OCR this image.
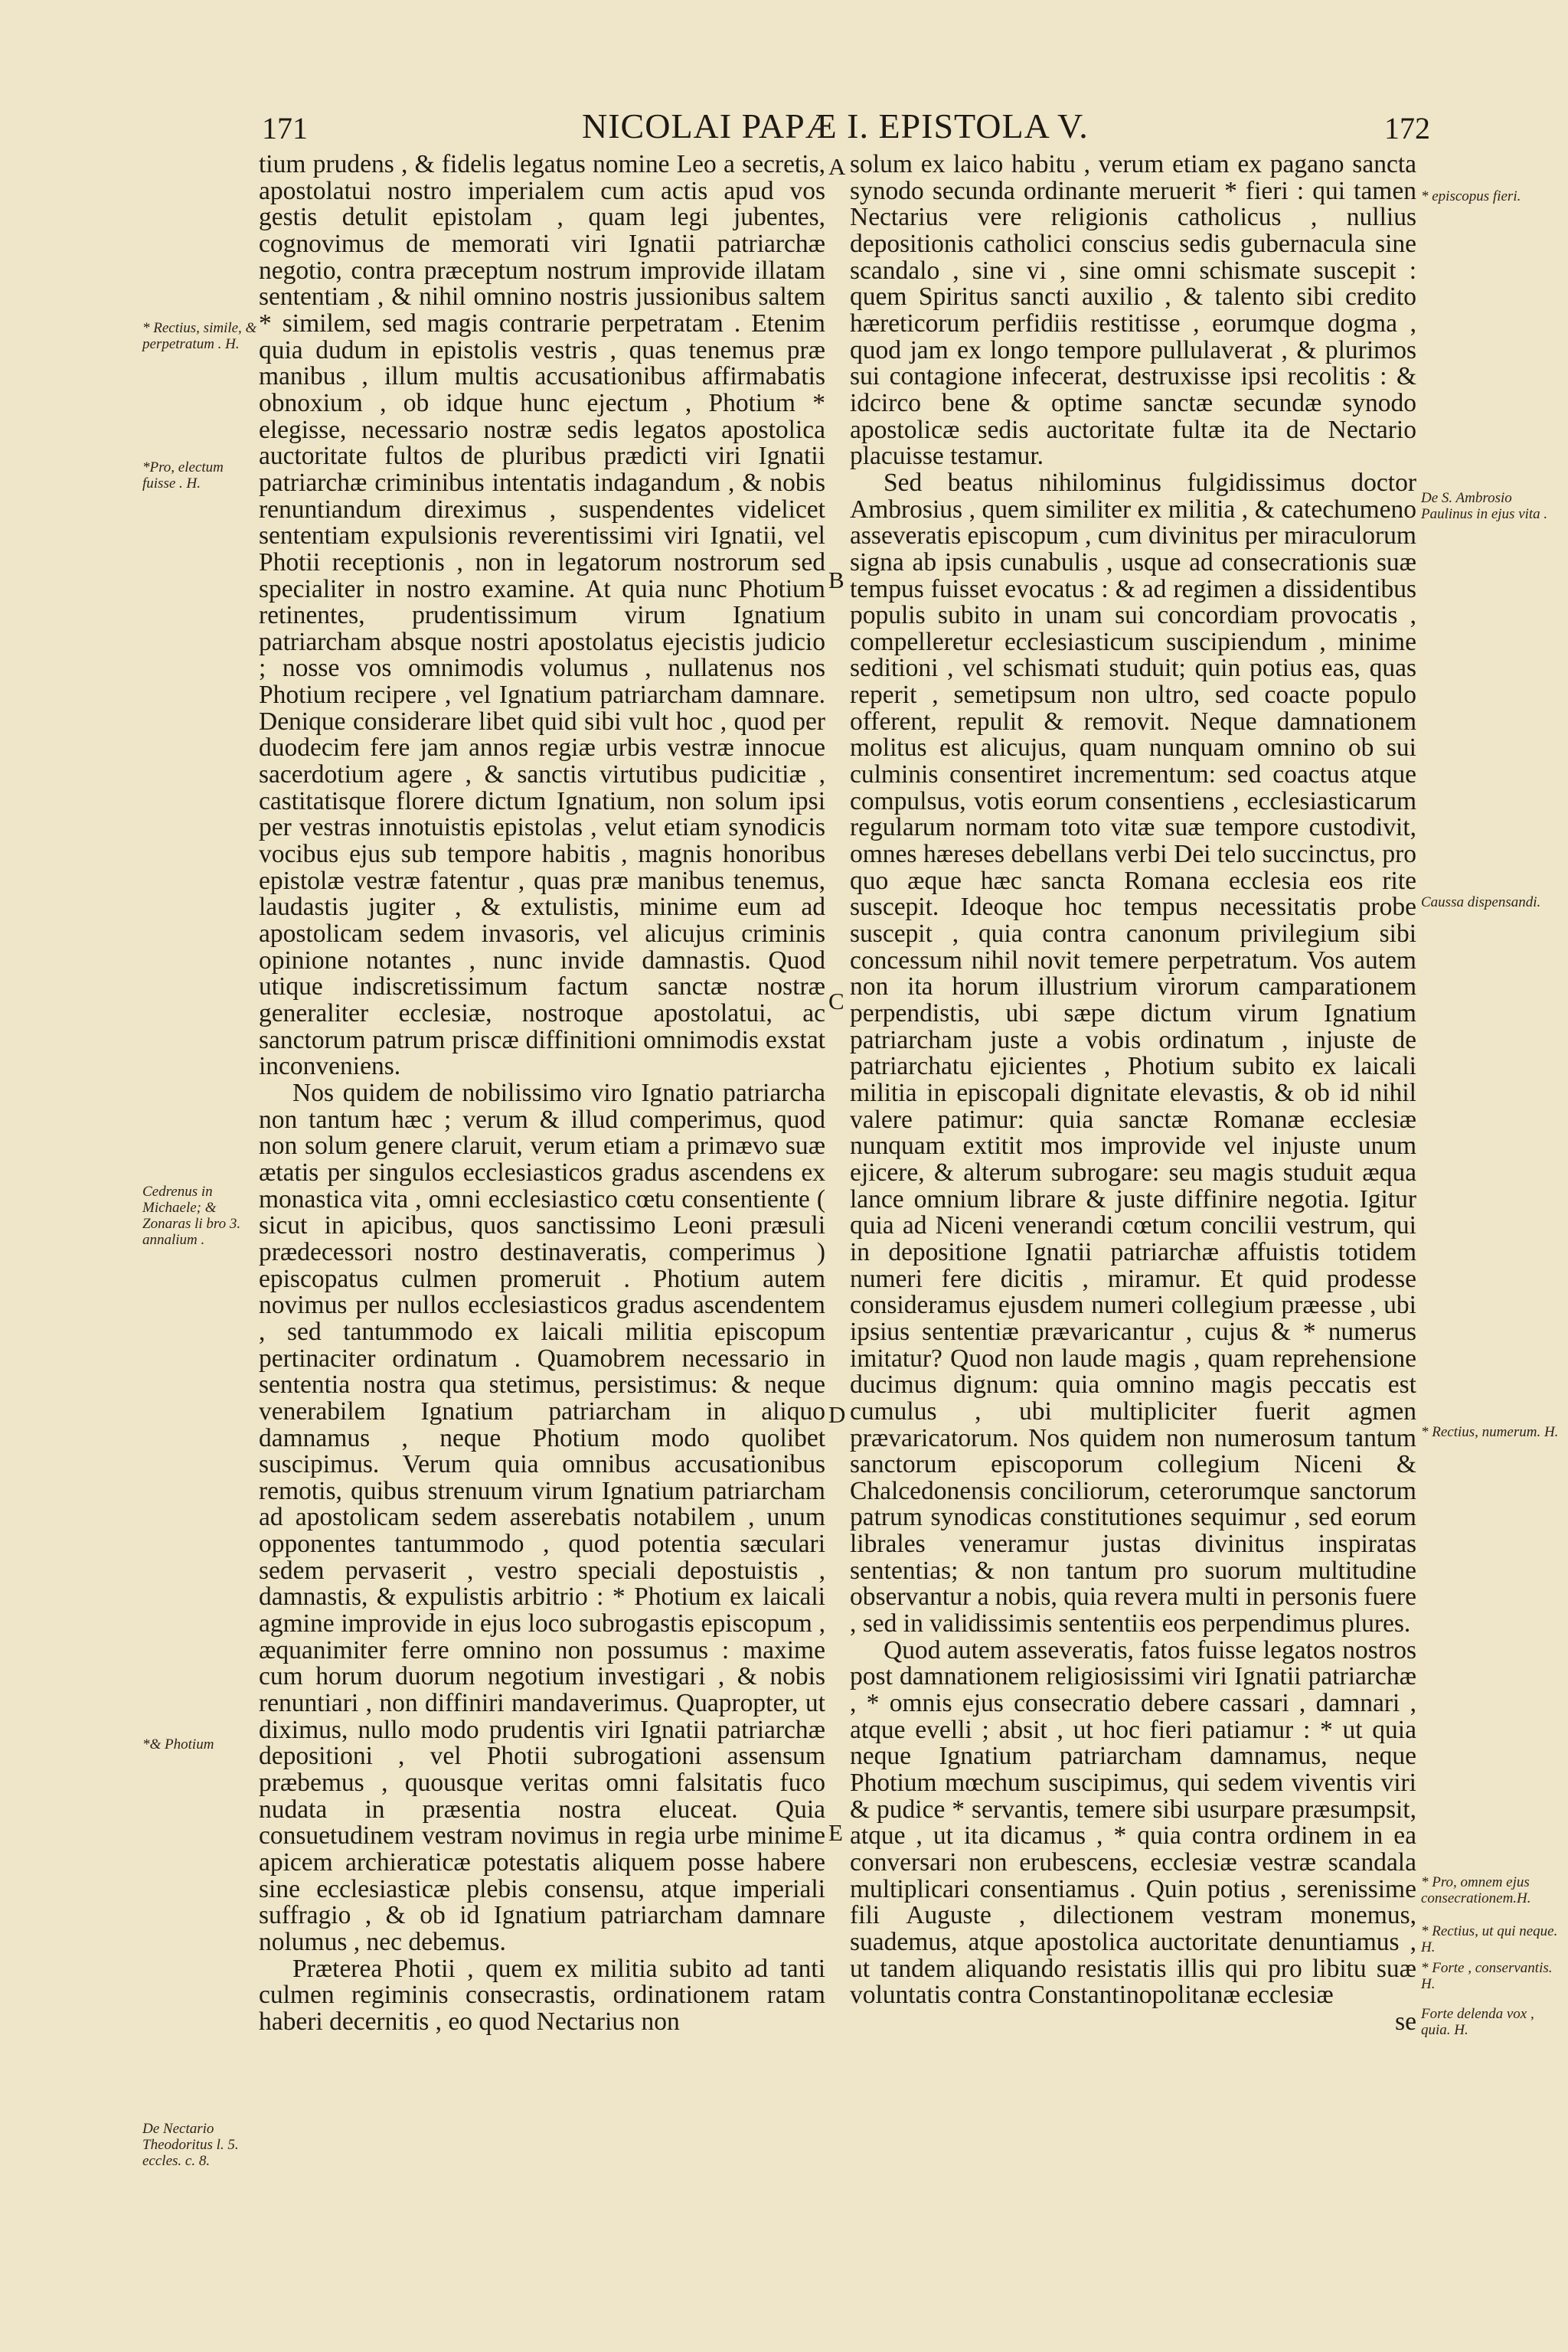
171	NICOLAI PAPÆ I. EPISTOLA V.	172

tium prudens , & fidelis legatus nomine Leo a secretis, apostolatui nostro imperialem cum actis apud vos gestis detulit epistolam , quam legi jubentes, cognovimus de memorati viri Ignatii patriarchæ negotio, contra præceptum nostrum improvide illatam sententiam , & nihil omnino nostris jussionibus saltem * similem, sed magis contrarie perpetratam . Etenim quia dudum in epistolis vestris , quas tenemus præ manibus , illum multis accusationibus affirmabatis obnoxium , ob idque hunc ejectum , Photium * elegisse, necessario nostræ sedis legatos apostolica auctoritate fultos de pluribus prædicti viri Ignatii patriarchæ criminibus intentatis indagandum , & nobis renuntiandum direximus , suspendentes videlicet sententiam expulsionis reverentissimi viri Ignatii, vel Photii receptionis , non in legatorum nostrorum sed specialiter in nostro examine. At quia nunc Photium retinentes, prudentissimum virum Ignatium patriarcham absque nostri apostolatus ejecistis judicio ; nosse vos omnimodis volumus , nullatenus nos Photium recipere , vel Ignatium patriarcham damnare. Denique considerare libet quid sibi vult hoc , quod per duodecim fere jam annos regiæ urbis vestræ innocue sacerdotium agere , & sanctis virtutibus pudicitiæ , castitatisque florere dictum Ignatium, non solum ipsi per vestras innotuistis epistolas , velut etiam synodicis vocibus ejus sub tempore habitis , magnis honoribus epistolæ vestræ fatentur , quas præ manibus tenemus, laudastis jugiter , & extulistis, minime eum ad apostolicam sedem invasoris, vel alicujus criminis opinione notantes , nunc invide damnastis. Quod utique indiscretissimum factum sanctæ nostræ generaliter ecclesiæ, nostroque apostolatui, ac sanctorum patrum priscæ diffinitioni omnimodis exstat inconveniens.

Nos quidem de nobilissimo viro Ignatio patriarcha non tantum hæc ; verum & illud comperimus, quod non solum genere claruit, verum etiam a primævo suæ ætatis per singulos ecclesiasticos gradus ascendens ex monastica vita , omni ecclesiastico cœtu consentiente ( sicut in apicibus, quos sanctissimo Leoni præsuli prædecessori nostro destinaveratis, comperimus ) episcopatus culmen promeruit . Photium autem novimus per nullos ecclesiasticos gradus ascendentem , sed tantummodo ex laicali militia episcopum pertinaciter ordinatum . Quamobrem necessario in sententia nostra qua stetimus, persistimus: & neque venerabilem Ignatium patriarcham in aliquo damnamus , neque Photium modo quolibet suscipimus. Verum quia omnibus accusationibus remotis, quibus strenuum virum Ignatium patriarcham ad apostolicam sedem asserebatis notabilem , unum opponentes tantummodo , quod potentia sæculari sedem pervaserit , vestro speciali depostuistis , damnastis, & expulistis arbitrio : * Photium ex laicali agmine improvide in ejus loco subrogastis episcopum , æquanimiter ferre omnino non possumus : maxime cum horum duorum negotium investigari , & nobis renuntiari , non diffiniri mandaverimus. Quapropter, ut diximus, nullo modo prudentis viri Ignatii patriarchæ depositioni , vel Photii subrogationi assensum præbemus , quousque veritas omni falsitatis fuco nudata in præsentia nostra eluceat. Quia consuetudinem vestram novimus in regia urbe minime apicem archieraticæ potestatis aliquem posse habere sine ecclesiasticæ plebis consensu, atque imperiali suffragio , & ob id Ignatium patriarcham damnare nolumus , nec debemus.

Præterea Photii , quem ex militia subito ad tanti culmen regiminis consecrastis, ordinationem ratam haberi decernitis , eo quod Nectarius non

solum ex laico habitu , verum etiam ex pagano sancta synodo secunda ordinante meruerit * fieri : qui tamen Nectarius vere religionis catholicus , nullius depositionis catholici conscius sedis gubernacula sine scandalo , sine vi , sine omni schismate suscepit : quem Spiritus sancti auxilio , & talento sibi credito hæreticorum perfidiis restitisse , eorumque dogma , quod jam ex longo tempore pullulaverat , & plurimos sui contagione infecerat, destruxisse ipsi recolitis : & idcirco bene & optime sanctæ secundæ synodo apostolicæ sedis auctoritate fultæ ita de Nectario placuisse testamur.

Sed beatus nihilominus fulgidissimus doctor Ambrosius , quem similiter ex militia , & catechumeno asseveratis episcopum , cum divinitus per miraculorum signa ab ipsis cunabulis , usque ad consecrationis suæ tempus fuisset evocatus : & ad regimen a dissidentibus populis subito in unam sui concordiam provocatis , compelleretur ecclesiasticum suscipiendum , minime seditioni , vel schismati studuit; quin potius eas, quas reperit , semetipsum non ultro, sed coacte populo offerent, repulit & removit. Neque damnationem molitus est alicujus, quam nunquam omnino ob sui culminis consentiret incrementum: sed coactus atque compulsus, votis eorum consentiens , ecclesiasticarum regularum normam toto vitæ suæ tempore custodivit, omnes hæreses debellans verbi Dei telo succinctus, pro quo æque hæc sancta Romana ecclesia eos rite suscepit. Ideoque hoc tempus necessitatis probe suscepit , quia contra canonum privilegium sibi concessum nihil novit temere perpetratum. Vos autem non ita horum illustrium virorum camparationem perpendistis, ubi sæpe dictum virum Ignatium patriarcham juste a vobis ordinatum , injuste de patriarchatu ejicientes , Photium subito ex laicali militia in episcopali dignitate elevastis, & ob id nihil valere patimur: quia sanctæ Romanæ ecclesiæ nunquam extitit mos improvide vel injuste unum ejicere, & alterum subrogare: seu magis studuit æqua lance omnium librare & juste diffinire negotia. Igitur quia ad Niceni venerandi cœtum concilii vestrum, qui in depositione Ignatii patriarchæ affuistis totidem numeri fere dicitis , miramur. Et quid prodesse consideramus ejusdem numeri collegium præesse , ubi ipsius sententiæ prævaricantur , cujus & * numerus imitatur? Quod non laude magis , quam reprehensione ducimus dignum: quia omnino magis peccatis est cumulus , ubi multipliciter fuerit agmen prævaricatorum. Nos quidem non numerosum tantum sanctorum episcoporum collegium Niceni & Chalcedonensis conciliorum, ceterorumque sanctorum patrum synodicas constitutiones sequimur , sed eorum librales veneramur justas divinitus inspiratas sententias; & non tantum pro suorum multitudine observantur a nobis, quia revera multi in personis fuere , sed in validissimis sententiis eos perpendimus plures.

Quod autem asseveratis, fatos fuisse legatos nostros post damnationem religiosissimi viri Ignatii patriarchæ , * omnis ejus consecratio debere cassari , damnari , atque evelli ; absit , ut hoc fieri patiamur : * ut quia neque Ignatium patriarcham damnamus, neque Photium mœchum suscipimus, qui sedem viventis viri & pudice * servantis, temere sibi usurpare præsumpsit, atque , ut ita dicamus , * quia contra ordinem in ea conversari non erubescens, ecclesiæ vestræ scandala multiplicari consentiamus . Quin potius , serenissime fili Auguste , dilectionem vestram monemus, suademus, atque apostolica auctoritate denuntiamus , ut tandem aliquando resistatis illis qui pro libitu suæ voluntatis contra Constantinopolitanæ ecclesiæ

se

A
B
C
D
E
* Rectius, simile, & perpetratum . H.
*Pro, electum fuisse . H.
Cedrenus in Michaele; & Zonaras li bro 3. annalium .
*& Photium
De Nectario Theodoritus l. 5. eccles. c. 8.
* episcopus fieri.
De S. Ambrosio Paulinus in ejus vita .
Caussa dispensandi.
* Rectius, numerum. H.
* Pro, omnem ejus consecrationem.H.
* Rectius, ut qui neque. H.
* Forte , conservantis. H.
Forte delenda vox , quia. H.
